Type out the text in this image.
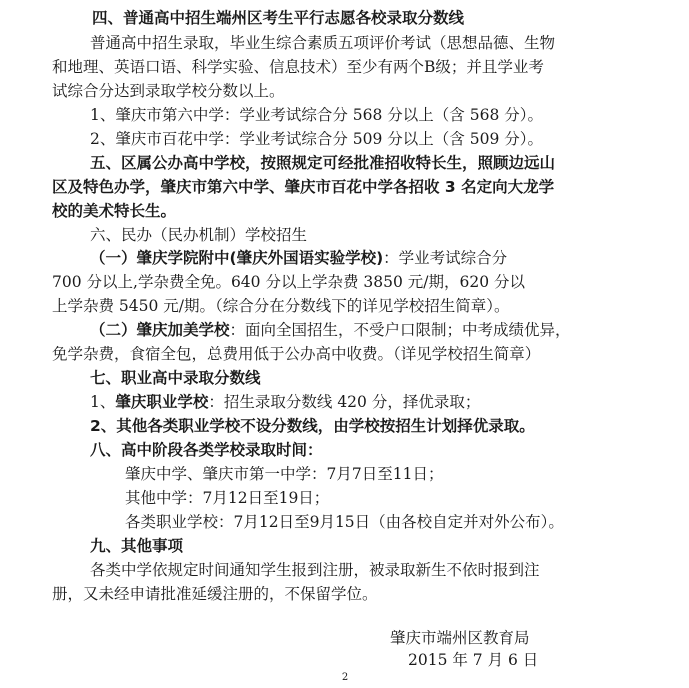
四、普通高中招生端州区考生平行志愿各校录取分数线
普通高中招生录取，毕业生综合素质五项评价考试（思想品德、生物
和地理、英语口语、科学实验、信息技术）至少有两个B级；并且学业考
试综合分达到录取学校分数以上。
1、肇庆市第六中学：学业考试综合分 568 分以上（含 568 分）。
2、肇庆市百花中学：学业考试综合分 509 分以上（含 509 分）。
五、区属公办高中学校，按照规定可经批准招收特长生，照顾边远山
区及特色办学，肇庆市第六中学、肇庆市百花中学各招收 3 名定向大龙学
校的美术特长生。
六、民办（民办机制）学校招生
（一）肇庆学院附中(肇庆外国语实验学校)：学业考试综合分
700 分以上,学杂费全免。640 分以上学杂费 3850 元/期，620 分以
上学杂费 5450 元/期。（综合分在分数线下的详见学校招生简章）。
（二）肇庆加美学校：面向全国招生，不受户口限制；中考成绩优异，
免学杂费，食宿全包，总费用低于公办高中收费。（详见学校招生简章）
七、职业高中录取分数线
1、肇庆职业学校：招生录取分数线 420 分，择优录取；
2、其他各类职业学校不设分数线，由学校按招生计划择优录取。
八、高中阶段各类学校录取时间：
肇庆中学、肇庆市第一中学：7月7日至11日；
其他中学：7月12日至19日；
各类职业学校：7月12日至9月15日（由各校自定并对外公布）。
九、其他事项
各类中学依规定时间通知学生报到注册，被录取新生不依时报到注
册，又未经申请批准延缓注册的，不保留学位。
肇庆市端州区教育局
2015 年 7 月 6 日
2
